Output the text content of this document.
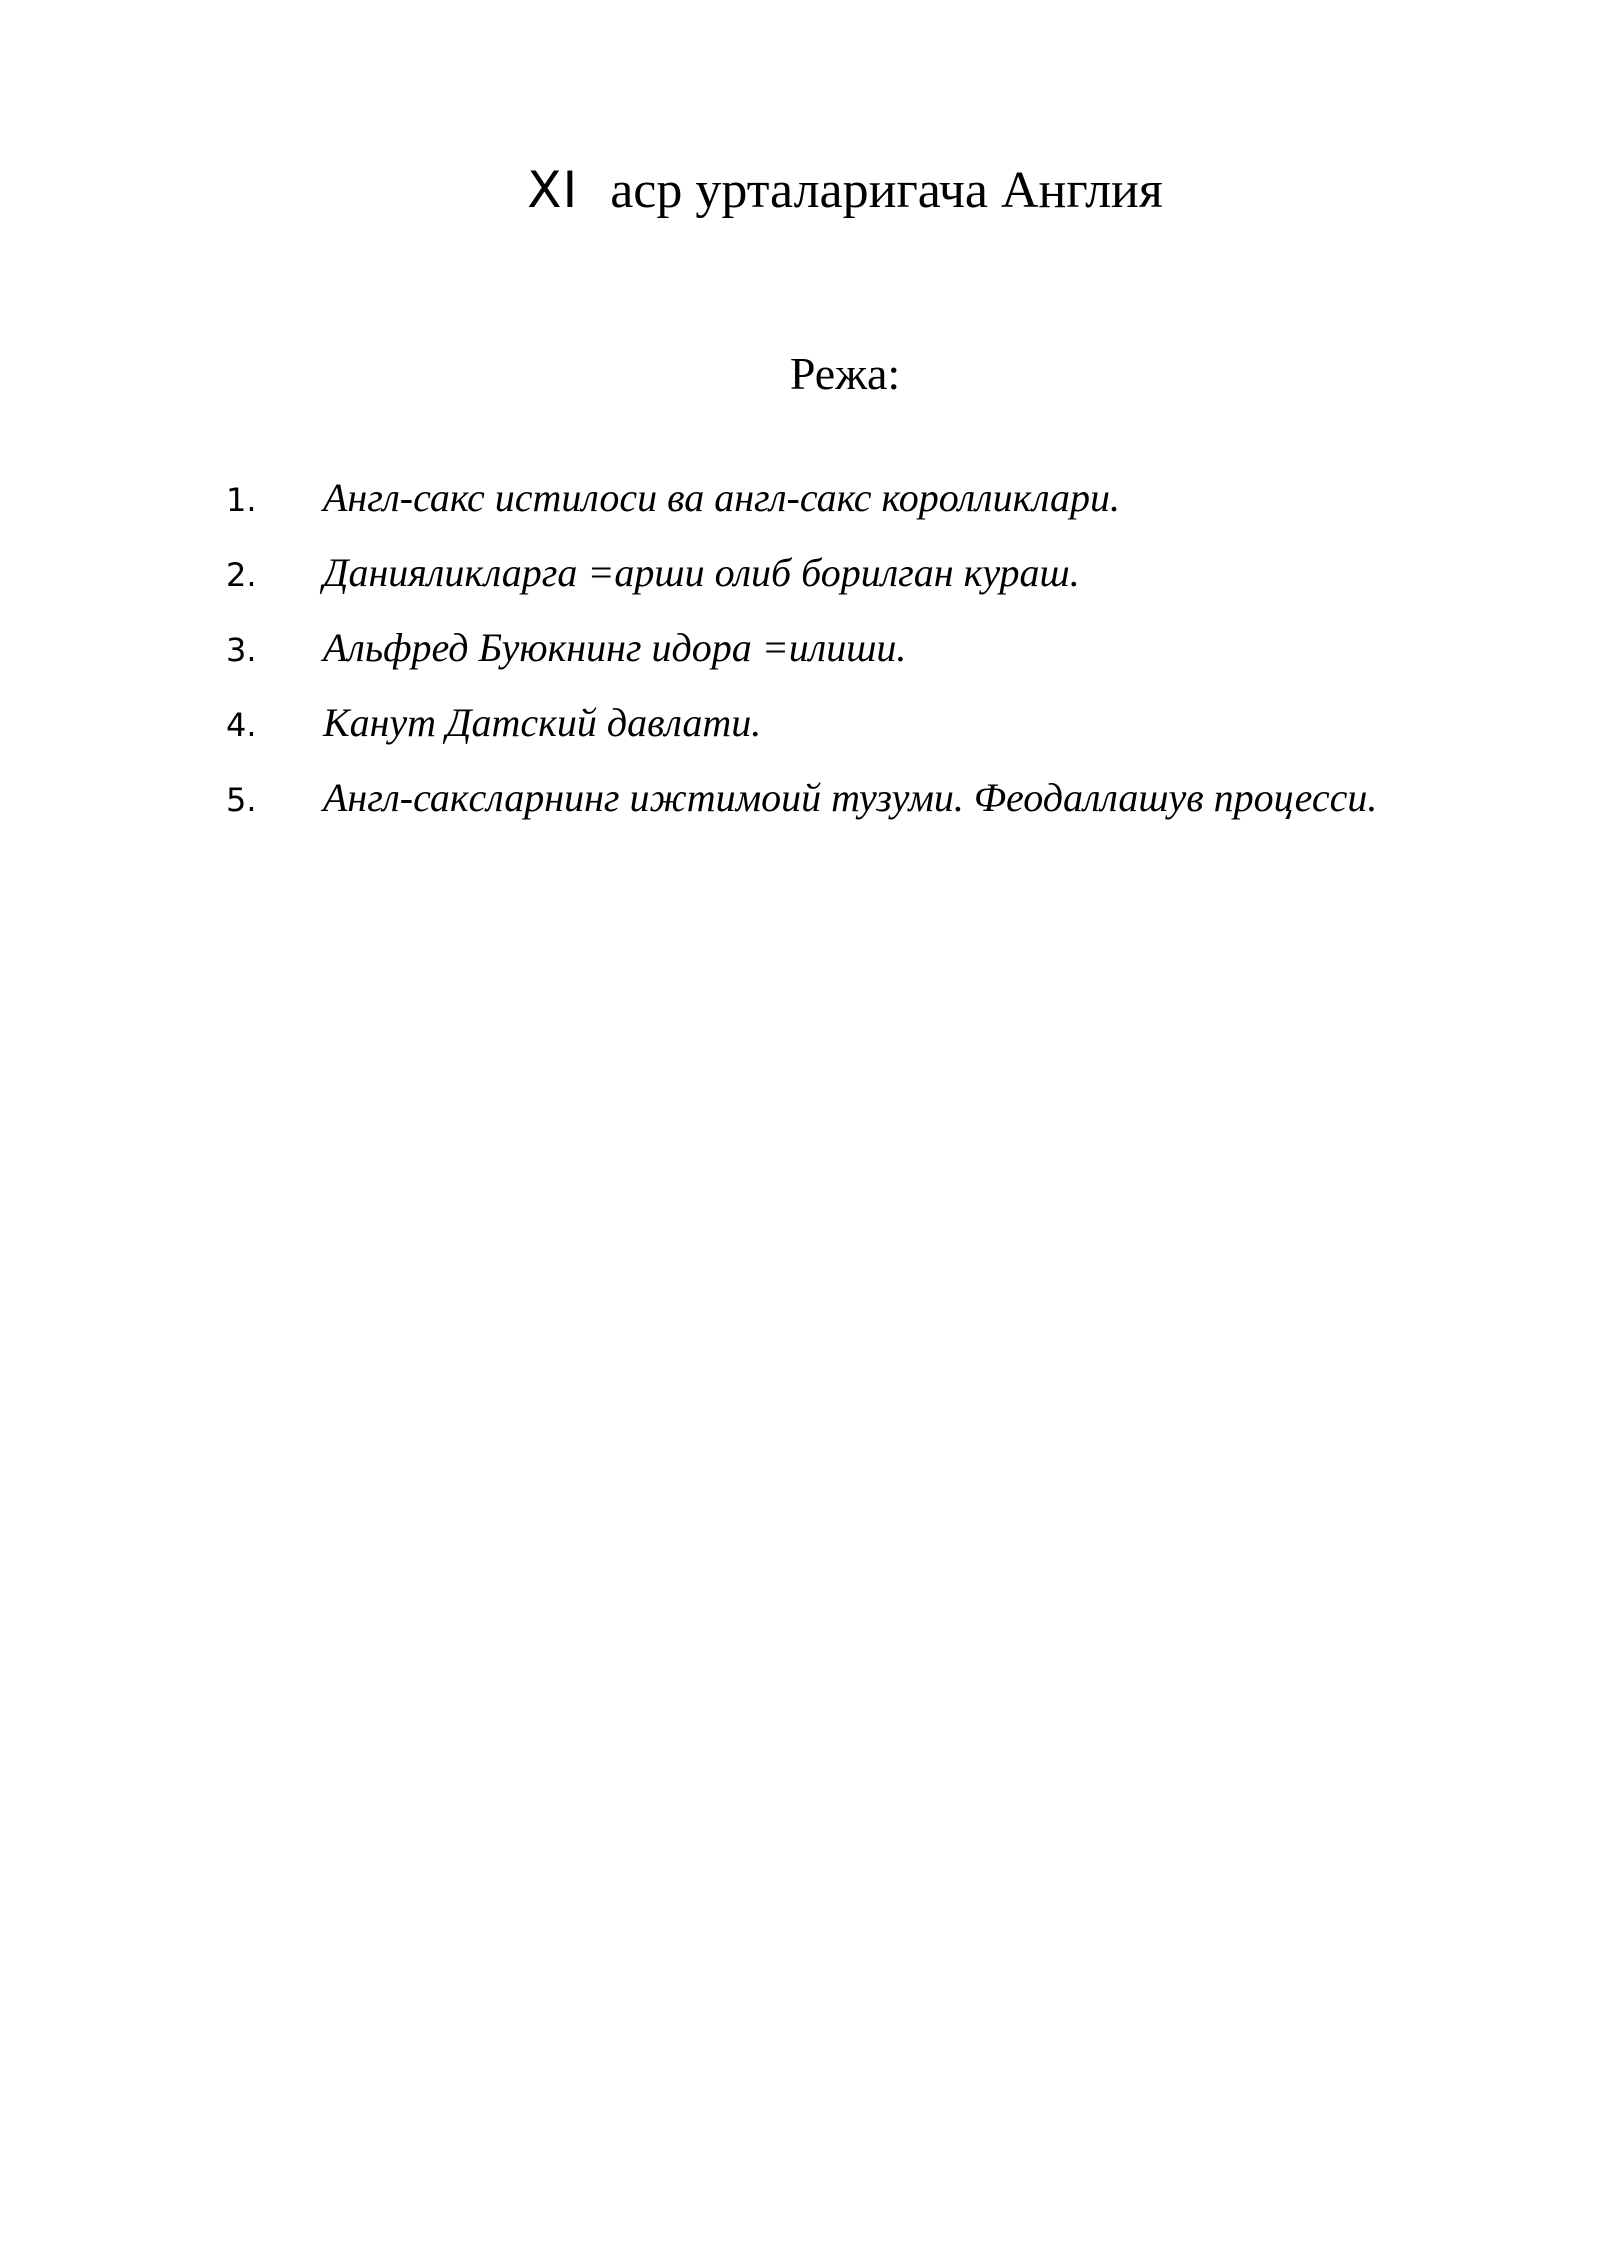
XI аср урталаригача Англия
Режа:
1. Англ-сакс истилоси ва англ-сакс королликлари.
2. Данияликларга =арши олиб борилган кураш.
3. Альфред Буюкнинг идора =илиши.
4. Канут Датский давлати.
5. Англ-сакcларнинг ижтимоий тузуми. Феодаллашув процесси.
